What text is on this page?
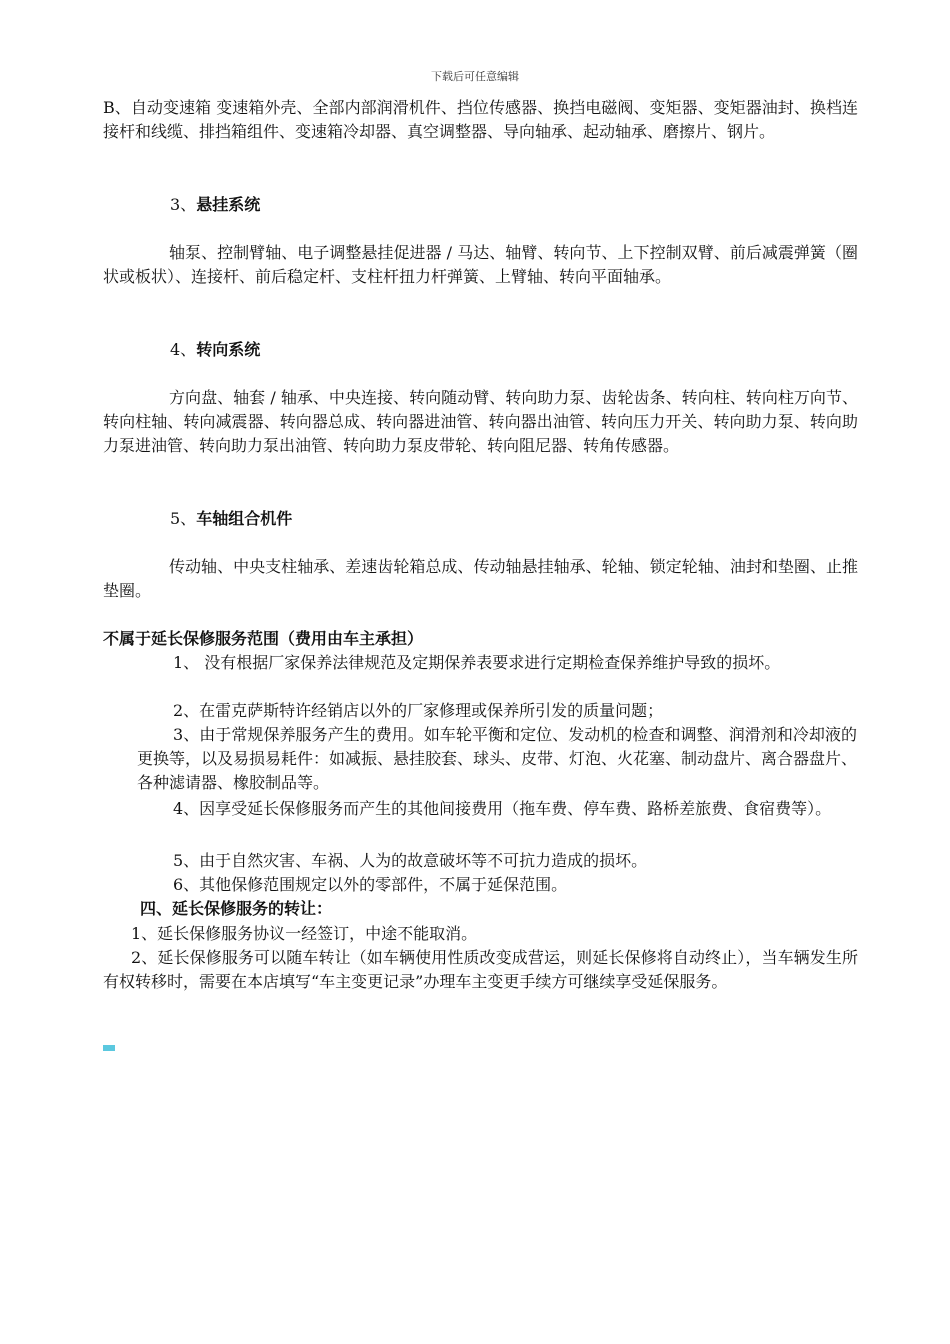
下载后可任意编辑

B、自动变速箱 变速箱外壳、全部内部润滑机件、挡位传感器、换挡电磁阀、变矩器、变矩器油封、换档连接杆和线缆、排挡箱组件、变速箱冷却器、真空调整器、导向轴承、起动轴承、磨擦片、钢片。

3、悬挂系统

轴泵、控制臂轴、电子调整悬挂促进器 / 马达、轴臂、转向节、上下控制双臂、前后减震弹簧（圈状或板状）、连接杆、前后稳定杆、支柱杆扭力杆弹簧、上臂轴、转向平面轴承。

4、转向系统

方向盘、轴套 / 轴承、中央连接、转向随动臂、转向助力泵、齿轮齿条、转向柱、转向柱万向节、转向柱轴、转向减震器、转向器总成、转向器进油管、转向器出油管、转向压力开关、转向助力泵、转向助力泵进油管、转向助力泵出油管、转向助力泵皮带轮、转向阻尼器、转角传感器。

5、车轴组合机件

传动轴、中央支柱轴承、差速齿轮箱总成、传动轴悬挂轴承、轮轴、锁定轮轴、油封和垫圈、止推垫圈。

不属于延长保修服务范围（费用由车主承担）

1、 没有根据厂家保养法律规范及定期保养表要求进行定期检查保养维护导致的损坏。

2、在雷克萨斯特许经销店以外的厂家修理或保养所引发的质量问题；

3、由于常规保养服务产生的费用。如车轮平衡和定位、发动机的检查和调整、润滑剂和冷却液的更换等，以及易损易耗件：如减振、悬挂胶套、球头、皮带、灯泡、火花塞、制动盘片、离合器盘片、各种滤请器、橡胶制品等。

4、因享受延长保修服务而产生的其他间接费用（拖车费、停车费、路桥差旅费、食宿费等）。

5、由于自然灾害、车祸、人为的故意破坏等不可抗力造成的损坏。

6、其他保修范围规定以外的零部件，不属于延保范围。

四、延长保修服务的转让：

1、延长保修服务协议一经签订，中途不能取消。

2、延长保修服务可以随车转让（如车辆使用性质改变成营运，则延长保修将自动终止），当车辆发生所有权转移时，需要在本店填写“车主变更记录”办理车主变更手续方可继续享受延保服务。
